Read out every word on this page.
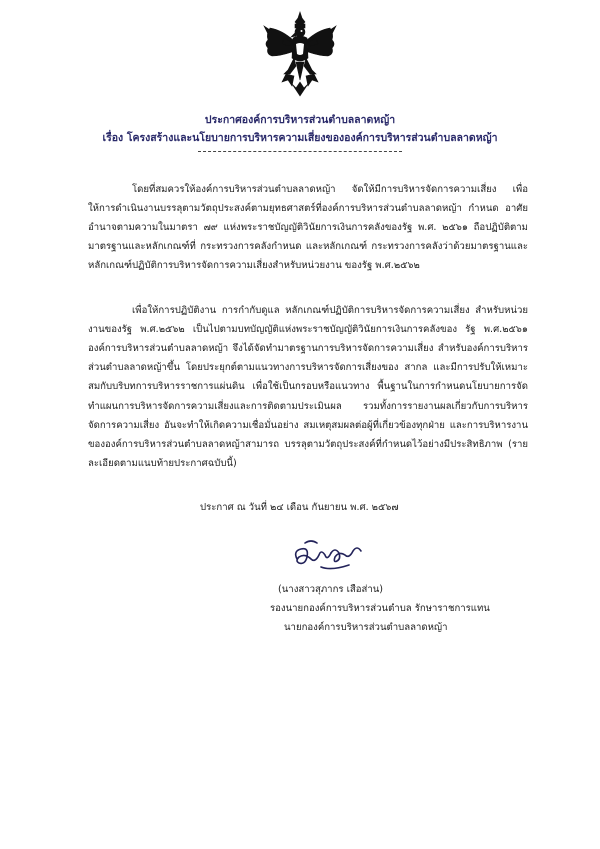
ประกาศองค์การบริหารส่วนตำบลลาดหญ้า
เรื่อง โครงสร้างและนโยบายการบริหารความเสี่ยงขององค์การบริหารส่วนตำบลลาดหญ้า

โดยที่สมควรให้องค์การบริหารส่วนตำบลลาดหญ้า จัดให้มีการบริหารจัดการความเสี่ยง เพื่อให้การดำเนินงานบรรลุตามวัตถุประสงค์ตามยุทธศาสตร์ที่องค์การบริหารส่วนตำบลลาดหญ้า กำหนด อาศัยอำนาจตามความในมาตรา ๗๙ แห่งพระราชบัญญัติวินัยการเงินการคลังของรัฐ พ.ศ. ๒๕๖๑ ถือปฏิบัติตามมาตรฐานและหลักเกณฑ์ที่ กระทรวงการคลังกำหนด และหลักเกณฑ์ กระทรวงการคลังว่าด้วยมาตรฐานและหลักเกณฑ์ปฏิบัติการบริหารจัดการความเสี่ยงสำหรับหน่วยงาน ของรัฐ พ.ศ.๒๕๖๒

เพื่อให้การปฏิบัติงาน การกำกับดูแล หลักเกณฑ์ปฏิบัติการบริหารจัดการความเสี่ยง สำหรับหน่วยงานของรัฐ พ.ศ.๒๕๖๒ เป็นไปตามบทบัญญัติแห่งพระราชบัญญัติวินัยการเงินการคลังของ รัฐ พ.ศ.๒๕๖๑ องค์การบริหารส่วนตำบลลาดหญ้า จึงได้จัดทำมาตรฐานการบริหารจัดการความเสี่ยง สำหรับองค์การบริหารส่วนตำบลลาดหญ้าขึ้น โดยประยุกต์ตามแนวทางการบริหารจัดการเสี่ยงของ สากล และมีการปรับให้เหมาะสมกับบริบทการบริหารราชการแผ่นดิน เพื่อใช้เป็นกรอบหรือแนวทาง พื้นฐานในการกำหนดนโยบายการจัดทำแผนการบริหารจัดการความเสี่ยงและการติดตามประเมินผล รวมทั้งการรายงานผลเกี่ยวกับการบริหารจัดการความเสี่ยง อันจะทำให้เกิดความเชื่อมั่นอย่าง สมเหตุสมผลต่อผู้ที่เกี่ยวข้องทุกฝ่าย และการบริหารงานขององค์การบริหารส่วนตำบลลาดหญ้าสามารถ บรรลุตามวัตถุประสงค์ที่กำหนดไว้อย่างมีประสิทธิภาพ (รายละเอียดตามแนบท้ายประกาศฉบับนี้)

ประกาศ ณ วันที่ ๒๔ เดือน กันยายน พ.ศ. ๒๕๖๗
(นางสาวสุภากร เสือส่าน)
รองนายกองค์การบริหารส่วนตำบล รักษาราชการแทน
นายกองค์การบริหารส่วนตำบลลาดหญ้า
